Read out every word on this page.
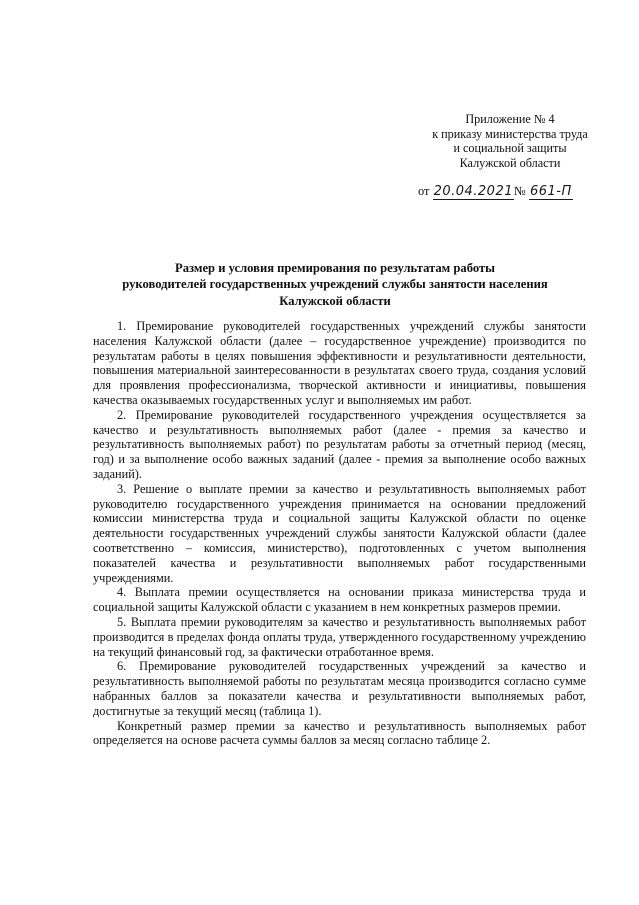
Приложение № 4
к приказу министерства труда
и социальной защиты
Калужской области
от 20.04.2021№ 661-П
Размер и условия премирования по результатам работы
руководителей государственных учреждений службы занятости населения
Калужской области

1. Премирование руководителей государственных учреждений службы занятости населения Калужской области (далее – государственное учреждение) производится по результатам работы в целях повышения эффективности и результативности деятельности, повышения материальной заинтересованности в результатах своего труда, создания условий для проявления профессионализма, творческой активности и инициативы, повышения качества оказываемых государственных услуг и выполняемых им работ.

2. Премирование руководителей государственного учреждения осуществляется за качество и результативность выполняемых работ (далее - премия за качество и результативность выполняемых работ) по результатам работы за отчетный период (месяц, год) и за выполнение особо важных заданий (далее - премия за выполнение особо важных заданий).

3. Решение о выплате премии за качество и результативность выполняемых работ руководителю государственного учреждения принимается на основании предложений комиссии министерства труда и социальной защиты Калужской области по оценке деятельности государственных учреждений службы занятости Калужской области (далее соответственно – комиссия, министерство), подготовленных с учетом выполнения показателей качества и результативности выполняемых работ государственными учреждениями.

4. Выплата премии осуществляется на основании приказа министерства труда и социальной защиты Калужской области с указанием в нем конкретных размеров премии.

5. Выплата премии руководителям за качество и результативность выполняемых работ производится в пределах фонда оплаты труда, утвержденного государственному учреждению на текущий финансовый год, за фактически отработанное время.

6. Премирование руководителей государственных учреждений за качество и результативность выполняемой работы по результатам месяца производится согласно сумме набранных баллов за показатели качества и результативности выполняемых работ, достигнутые за текущий месяц (таблица 1).

Конкретный размер премии за качество и результативность выполняемых работ определяется на основе расчета суммы баллов за месяц согласно таблице 2.
